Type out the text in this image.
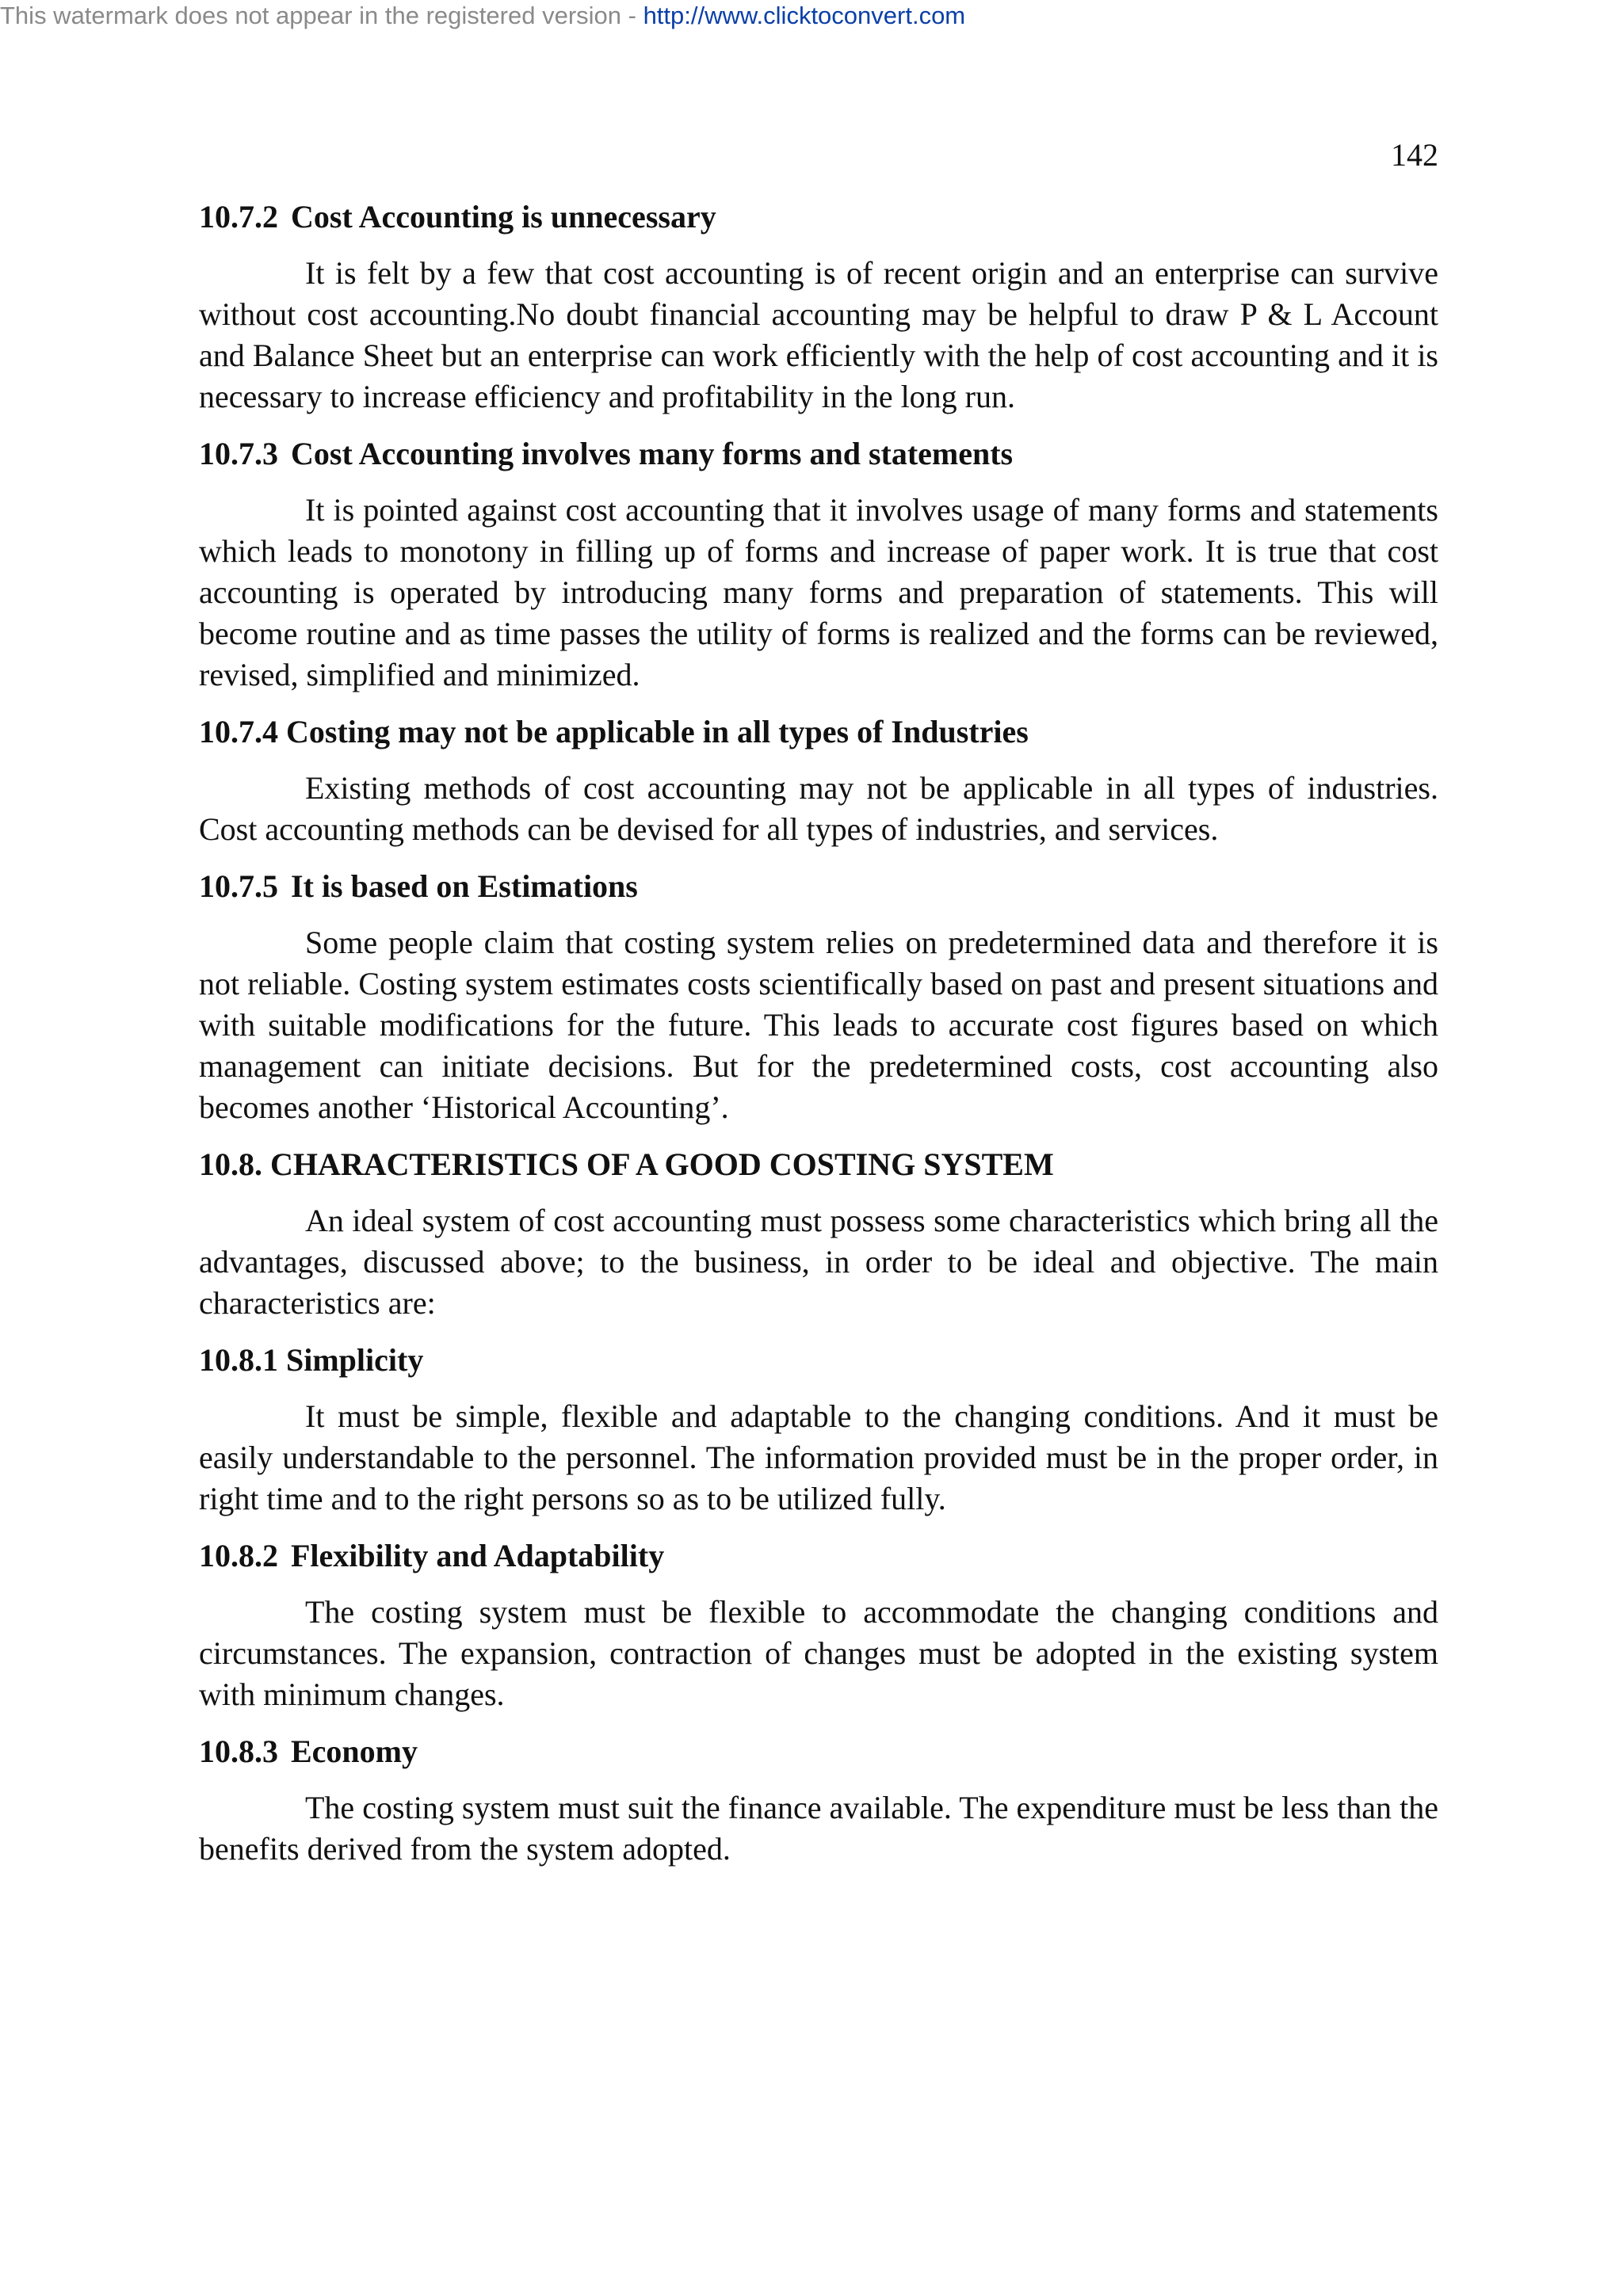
This watermark does not appear in the registered version - http://www.clicktoconvert.com
142
10.7.2 Cost Accounting is unnecessary

It is felt by a few that cost accounting is of recent origin and an enterprise can survive without cost accounting.No doubt financial accounting may be helpful to draw P & L Account and Balance Sheet but an enterprise can work efficiently with the help of cost accounting and it is necessary to increase efficiency and profitability in the long run.

10.7.3 Cost Accounting involves many forms and statements

It is pointed against cost accounting that it involves usage of many forms and statements which leads to monotony in filling up of forms and increase of paper work. It is true that cost accounting is operated by introducing many forms and preparation of statements. This will become routine and as time passes the utility of forms is realized and the forms can be reviewed, revised, simplified and minimized.

10.7.4 Costing may not be applicable in all types of Industries

Existing methods of cost accounting may not be applicable in all types of industries. Cost accounting methods can be devised for all types of industries, and services.

10.7.5 It is based on Estimations

Some people claim that costing system relies on predetermined data and therefore it is not reliable. Costing system estimates costs scientifically based on past and present situations and with suitable modifications for the future. This leads to accurate cost figures based on which management can initiate decisions. But for the predetermined costs, cost accounting also becomes another ‘Historical Accounting’.

10.8. CHARACTERISTICS OF A GOOD COSTING SYSTEM

An ideal system of cost accounting must possess some characteristics which bring all the advantages, discussed above; to the business, in order to be ideal and objective. The main characteristics are:

10.8.1 Simplicity

It must be simple, flexible and adaptable to the changing conditions. And it must be easily understandable to the personnel. The information provided must be in the proper order, in right time and to the right persons so as to be utilized fully.

10.8.2 Flexibility and Adaptability

The costing system must be flexible to accommodate the changing conditions and circumstances. The expansion, contraction of changes must be adopted in the existing system with minimum changes.

10.8.3 Economy

The costing system must suit the finance available. The expenditure must be less than the benefits derived from the system adopted.
